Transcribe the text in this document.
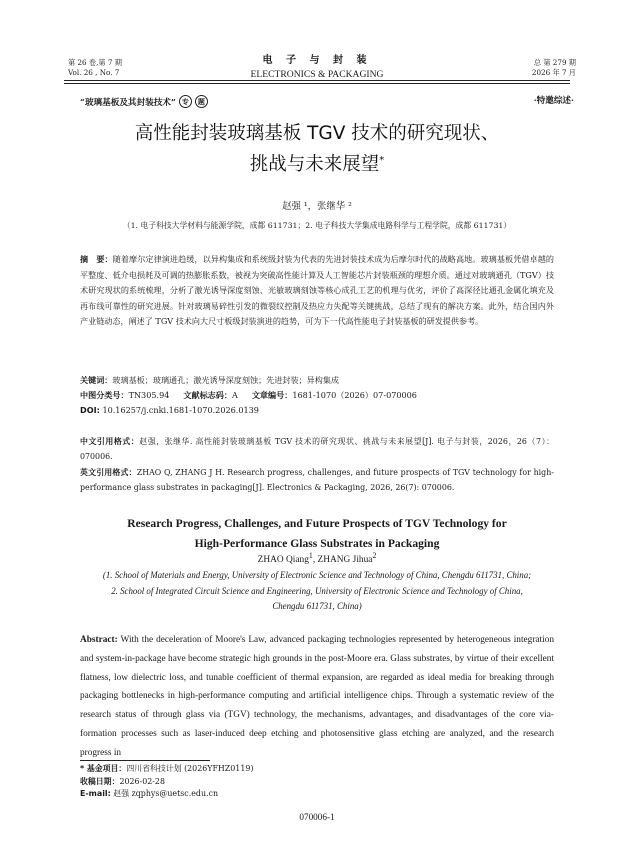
第 26 卷,第 7 期
Vol. 26 , No. 7
电 子 与 封 装
ELECTRONICS & PACKAGING
总 第 279 期
2026 年 7 月
“玻璃基板及其封装技术” 专	题	·特邀综述·
高性能封装玻璃基板 TGV 技术的研究现状、
挑战与未来展望*
赵强 ¹，张继华 ²
（1. 电子科技大学材料与能源学院，成都 611731；2. 电子科技大学集成电路科学与工程学院，成都 611731）
摘　要：随着摩尔定律演进趋缓，以异构集成和系统级封装为代表的先进封装技术成为后摩尔时代的战略高地。玻璃基板凭借卓越的平整度、低介电损耗及可调的热膨胀系数，被视为突破高性能计算及人工智能芯片封装瓶颈的理想介质。通过对玻璃通孔（TGV）技术研究现状的系统梳理，分析了激光诱导深度刻蚀、光敏玻璃刻蚀等核心成孔工艺的机理与优劣，评价了高深径比通孔金属化填充及再布线可靠性的研究进展。针对玻璃易碎性引发的微裂纹控制及热应力失配等关键挑战，总结了现有的解决方案。此外，结合国内外产业链动态，阐述了 TGV 技术向大尺寸板级封装演进的趋势，可为下一代高性能电子封装基板的研发提供参考。
关键词：玻璃基板；玻璃通孔；激光诱导深度刻蚀；先进封装；异构集成
中图分类号：TN305.94 文献标志码：A 文章编号：1681-1070（2026）07-070006
DOI: 10.16257/j.cnki.1681-1070.2026.0139
中文引用格式：赵强，张继华. 高性能封装玻璃基板 TGV 技术的研究现状、挑战与未来展望[J]. 电子与封装，2026，26（7）：070006.
英文引用格式：ZHAO Q, ZHANG J H. Research progress, challenges, and future prospects of TGV technology for high-performance glass substrates in packaging[J]. Electronics & Packaging, 2026, 26(7): 070006.
Research Progress, Challenges, and Future Prospects of TGV Technology for
High-Performance Glass Substrates in Packaging
ZHAO Qiang$^1$, ZHANG Jihua$^2$
(1. School of Materials and Energy, University of Electronic Science and Technology of China, Chengdu 611731, China;
2. School of Integrated Circuit Science and Engineering, University of Electronic Science and Technology of China,
Chengdu 611731, China)
Abstract: With the deceleration of Moore's Law, advanced packaging technologies represented by heterogeneous integration and system-in-package have become strategic high grounds in the post-Moore era. Glass substrates, by virtue of their excellent flatness, low dielectric loss, and tunable coefficient of thermal expansion, are regarded as ideal media for breaking through packaging bottlenecks in high-performance computing and artificial intelligence chips. Through a systematic review of the research status of through glass via (TGV) technology, the mechanisms, advantages, and disadvantages of the core via-formation processes such as laser-induced deep etching and photosensitive glass etching are analyzed, and the research progress in
* 基金项目：四川省科技计划 (2026YFHZ0119)
收稿日期：2026-02-28
E-mail: 赵强 zqphys@uetsc.edu.cn
070006-1
